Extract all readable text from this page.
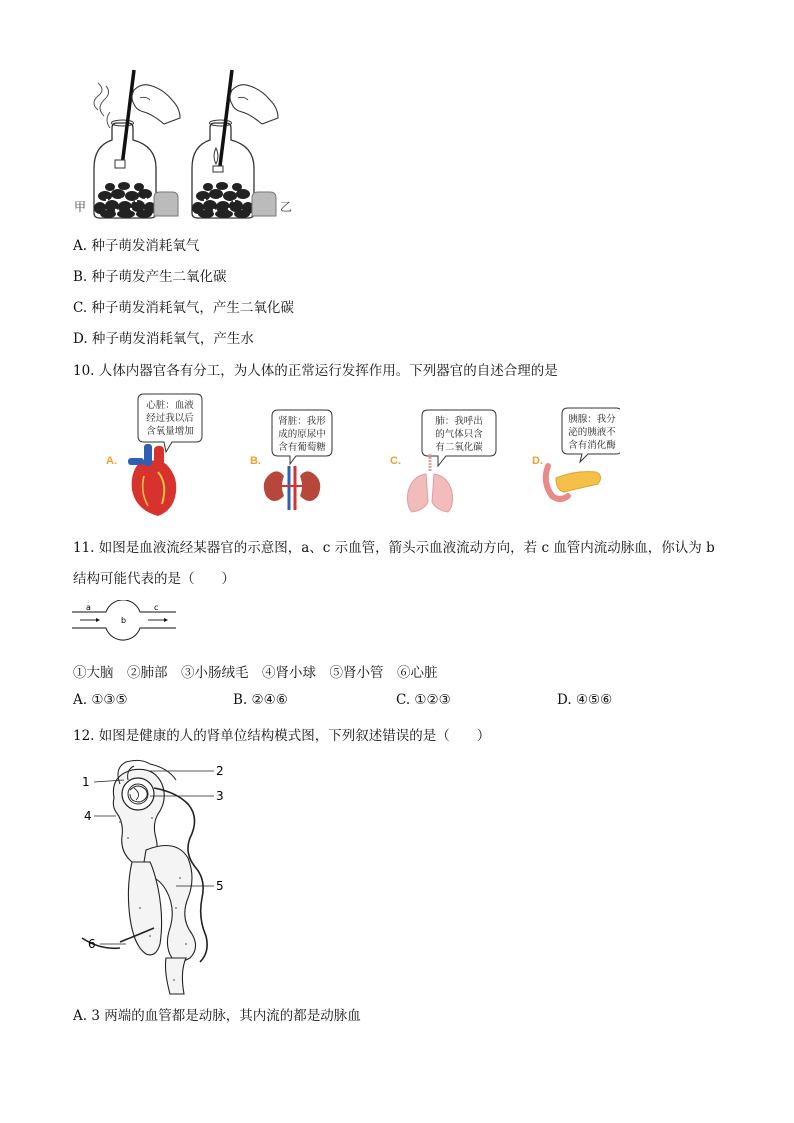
甲	乙
A. 种子萌发消耗氧气
B. 种子萌发产生二氧化碳
C. 种子萌发消耗氧气，产生二氧化碳
D. 种子萌发消耗氧气，产生水
10. 人体内器官各有分工，为人体的正常运行发挥作用。下列器官的自述合理的是
心脏：血液
经过我以后
含氧量增加
A.
肾脏：我形
成的原尿中
含有葡萄糖
B.
肺：我呼出
的气体只含
有二氧化碳
C.
胰腺：我分
泌的胰液不
含有消化酶
D.
11. 如图是血液流经某器官的示意图，a、c 示血管，箭头示血液流动方向，若 c 血管内流动脉血，你认为 b
结构可能代表的是（　　）
a
b
c
①大脑　②肺部　③小肠绒毛　④肾小球　⑤肾小管　⑥心脏
A. ①③⑤	B. ②④⑥	C. ①②③	D. ④⑤⑥
12. 如图是健康的人的肾单位结构模式图，下列叙述错误的是（　　）
1
2
3
4
5
6
A. 3 两端的血管都是动脉，其内流的都是动脉血
